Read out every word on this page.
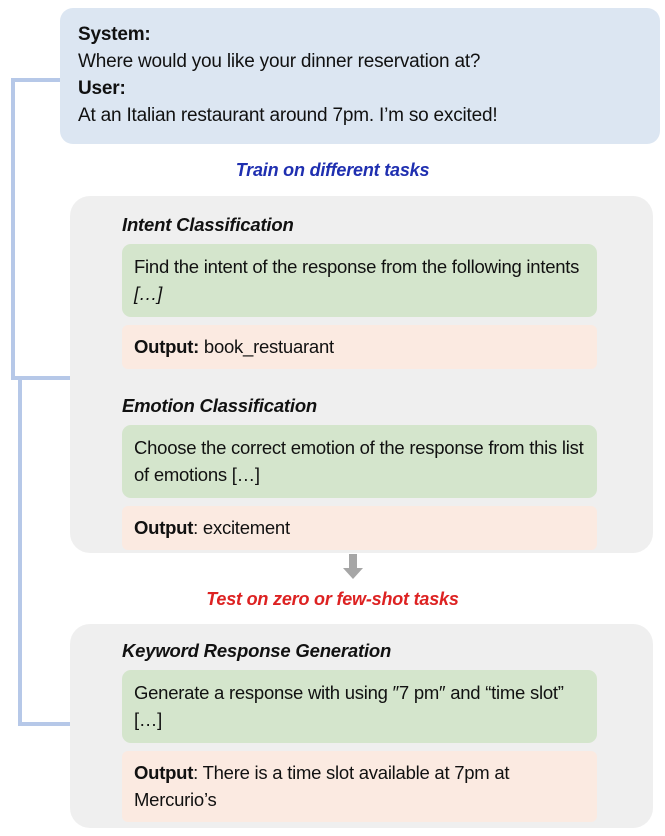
System:
Where would you like your dinner reservation at?
User:
At an Italian restaurant around 7pm. I’m so excited!
Train on different tasks
Intent Classification
Find the intent of the response from the following intents […]
Output: book_restuarant
Emotion Classification
Choose the correct emotion of the response from this list of emotions […]
Output: excitement
Test on zero or few-shot tasks
Keyword Response Generation
Generate a response with using ″7 pm″ and “time slot” […]
Output: There is a time slot available at 7pm at Mercurio’s
